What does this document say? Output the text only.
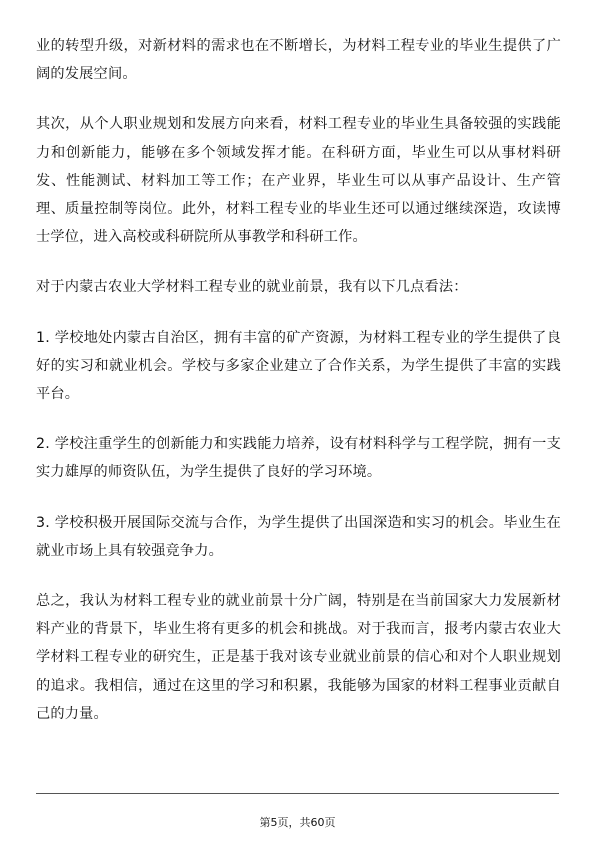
业的转型升级，对新材料的需求也在不断增长，为材料工程专业的毕业生提供了广阔的发展空间。

其次，从个人职业规划和发展方向来看，材料工程专业的毕业生具备较强的实践能力和创新能力，能够在多个领域发挥才能。在科研方面，毕业生可以从事材料研发、性能测试、材料加工等工作；在产业界，毕业生可以从事产品设计、生产管理、质量控制等岗位。此外，材料工程专业的毕业生还可以通过继续深造，攻读博士学位，进入高校或科研院所从事教学和科研工作。

对于内蒙古农业大学材料工程专业的就业前景，我有以下几点看法：

1. 学校地处内蒙古自治区，拥有丰富的矿产资源，为材料工程专业的学生提供了良好的实习和就业机会。学校与多家企业建立了合作关系，为学生提供了丰富的实践平台。

2. 学校注重学生的创新能力和实践能力培养，设有材料科学与工程学院，拥有一支实力雄厚的师资队伍，为学生提供了良好的学习环境。

3. 学校积极开展国际交流与合作，为学生提供了出国深造和实习的机会。毕业生在就业市场上具有较强竞争力。

总之，我认为材料工程专业的就业前景十分广阔，特别是在当前国家大力发展新材料产业的背景下，毕业生将有更多的机会和挑战。对于我而言，报考内蒙古农业大学材料工程专业的研究生，正是基于我对该专业就业前景的信心和对个人职业规划的追求。我相信，通过在这里的学习和积累，我能够为国家的材料工程事业贡献自己的力量。

第5页，共60页
